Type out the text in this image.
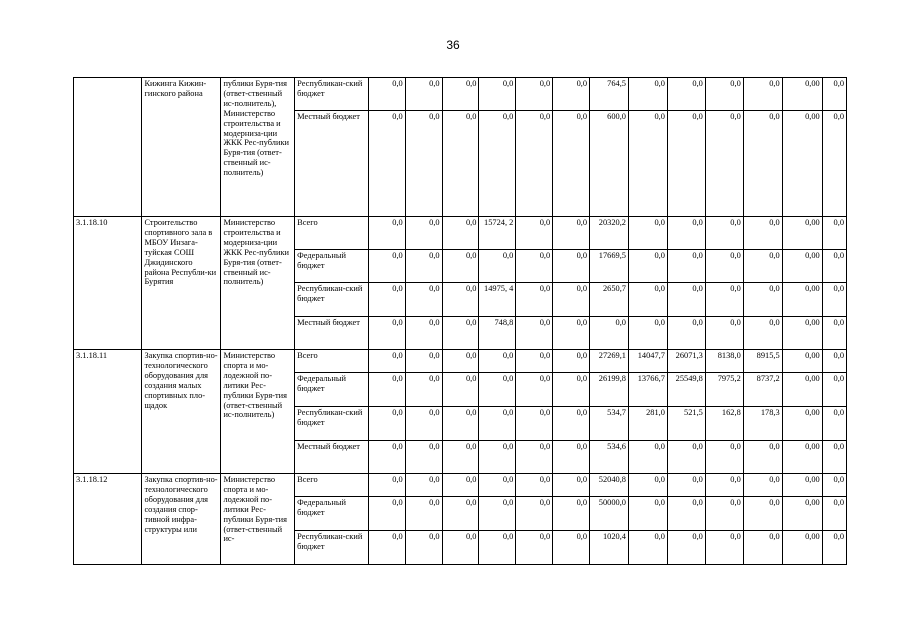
36
	Кижинга Кижин-гинского района	публики Буря-тия (ответ-ственный ис-полнитель), Министерство строительства и модерниза-ции ЖКК Рес-публики Буря-тия (ответ-ственный ис-полнитель)	Республикан-ский бюджет	0,0	0,0	0,0	0,0	0,0	0,0	764,5	0,0	0,0	0,0	0,0	0,00	0,0
			Местный бюджет	0,0	0,0	0,0	0,0	0,0	0,0	600,0	0,0	0,0	0,0	0,0	0,00	0,0
3.1.18.10	Строительство спортивного зала в МБОУ Инзага-туйская СОШ Джидинского района Республи-ки Бурятия	Министерство строительства и модерниза-ции ЖКК Рес-публики Буря-тия (ответ-ственный ис-полнитель)	Всего	0,0	0,0	0,0	15724, 2	0,0	0,0	20320,2	0,0	0,0	0,0	0,0	0,00	0,0
			Федеральный бюджет	0,0	0,0	0,0	0,0	0,0	0,0	17669,5	0,0	0,0	0,0	0,0	0,00	0,0
			Республикан-ский бюджет	0,0	0,0	0,0	14975, 4	0,0	0,0	2650,7	0,0	0,0	0,0	0,0	0,00	0,0
			Местный бюджет	0,0	0,0	0,0	748,8	0,0	0,0	0,0	0,0	0,0	0,0	0,0	0,00	0,0
3.1.18.11	Закупка спортив-но-технологического оборудования для создания малых спортивных пло-щадок	Министерство спорта и мо-лодежной по-литики Рес-публики Буря-тия (ответ-ственный ис-полнитель)	Всего	0,0	0,0	0,0	0,0	0,0	0,0	27269,1	14047,7	26071,3	8138,0	8915,5	0,00	0,0
			Федеральный бюджет	0,0	0,0	0,0	0,0	0,0	0,0	26199,8	13766,7	25549,8	7975,2	8737,2	0,00	0,0
			Республикан-ский бюджет	0,0	0,0	0,0	0,0	0,0	0,0	534,7	281,0	521,5	162,8	178,3	0,00	0,0
			Местный бюджет	0,0	0,0	0,0	0,0	0,0	0,0	534,6	0,0	0,0	0,0	0,0	0,00	0,0
3.1.18.12	Закупка спортив-но-технологического оборудования для создания спор-тивной инфра-структуры или	Министерство спорта и мо-лодежной по-литики Рес-публики Буря-тия (ответ-ственный ис-	Всего	0,0	0,0	0,0	0,0	0,0	0,0	52040,8	0,0	0,0	0,0	0,0	0,00	0,0
			Федеральный бюджет	0,0	0,0	0,0	0,0	0,0	0,0	50000,0	0,0	0,0	0,0	0,0	0,00	0,0
			Республикан-ский бюджет	0,0	0,0	0,0	0,0	0,0	0,0	1020,4	0,0	0,0	0,0	0,0	0,00	0,0
